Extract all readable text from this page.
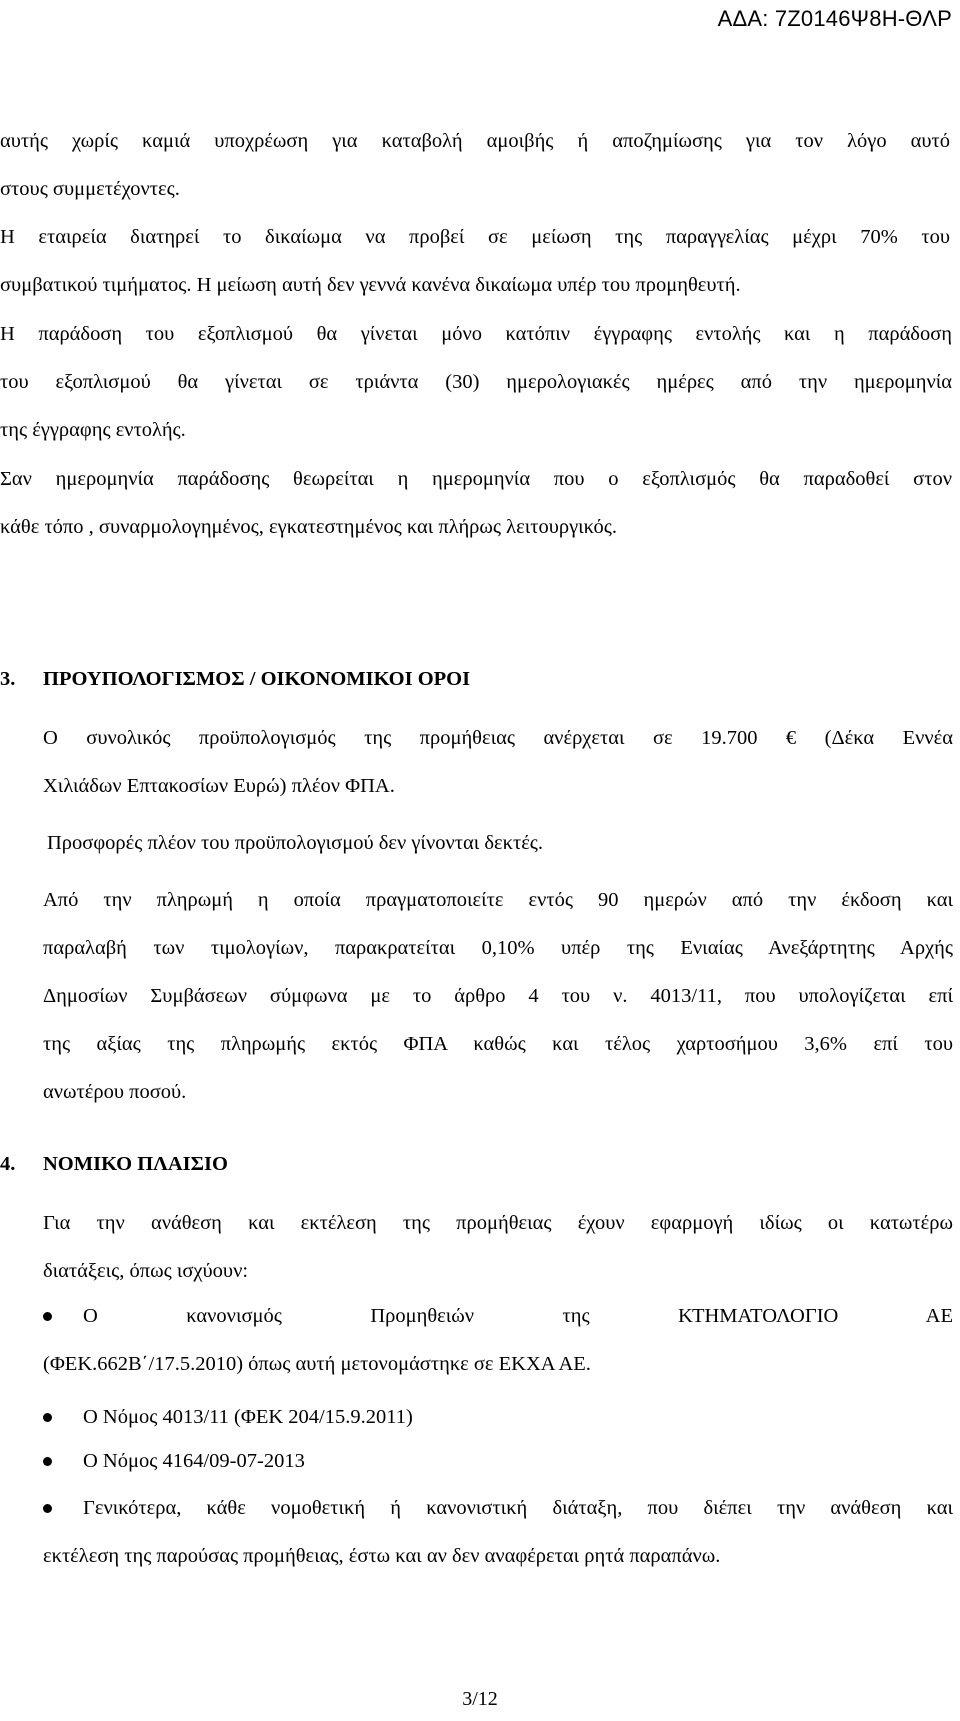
ΑΔΑ: 7Ζ0146Ψ8Η-ΘΛΡ
αυτής χωρίς καμιά υποχρέωση για καταβολή αμοιβής ή αποζημίωσης για τον λόγο αυτό
στους συμμετέχοντες.
Η εταιρεία διατηρεί το δικαίωμα να προβεί σε μείωση της παραγγελίας μέχρι 70% του
συμβατικού τιμήματος. Η μείωση αυτή δεν γεννά κανένα δικαίωμα υπέρ του προμηθευτή.
Η παράδοση του εξοπλισμού θα γίνεται μόνο κατόπιν έγγραφης εντολής και η παράδοση
του εξοπλισμού θα γίνεται σε τριάντα (30) ημερολογιακές ημέρες από την ημερομηνία
της έγγραφης εντολής.
Σαν ημερομηνία παράδοσης θεωρείται η ημερομηνία που ο εξοπλισμός θα παραδοθεί στον
κάθε τόπο , συναρμολογημένος, εγκατεστημένος και πλήρως λειτουργικός.
3. ΠΡΟΥΠΟΛΟΓΙΣΜΟΣ / ΟΙΚΟΝΟΜΙΚΟΙ ΟΡΟΙ
Ο συνολικός προϋπολογισμός της προμήθειας ανέρχεται σε 19.700 € (Δέκα Εννέα
Χιλιάδων Επτακοσίων Ευρώ) πλέον ΦΠΑ.
Προσφορές πλέον του προϋπολογισμού δεν γίνονται δεκτές.
Από την πληρωμή η οποία πραγματοποιείτε εντός 90 ημερών από την έκδοση και
παραλαβή των τιμολογίων, παρακρατείται 0,10% υπέρ της Ενιαίας Ανεξάρτητης Αρχής
Δημοσίων Συμβάσεων σύμφωνα με το άρθρο 4 του ν. 4013/11, που υπολογίζεται επί
της αξίας της πληρωμής εκτός ΦΠΑ καθώς και τέλος χαρτοσήμου 3,6% επί του
ανωτέρου ποσού.
4. ΝΟΜΙΚΟ ΠΛΑΙΣΙΟ
Για την ανάθεση και εκτέλεση της προμήθειας έχουν εφαρμογή ιδίως οι κατωτέρω
διατάξεις, όπως ισχύουν:
Ο κανονισμός Προμηθειών της ΚΤΗΜΑΤΟΛΟΓΙΟ ΑΕ
(ΦΕΚ.662Β΄/17.5.2010) όπως αυτή μετονομάστηκε σε ΕΚΧΑ ΑΕ.
Ο Νόμος 4013/11 (ΦΕΚ 204/15.9.2011)
Ο Νόμος 4164/09-07-2013
Γενικότερα, κάθε νομοθετική ή κανονιστική διάταξη, που διέπει την ανάθεση και
εκτέλεση της παρούσας προμήθειας, έστω και αν δεν αναφέρεται ρητά παραπάνω.
3/12
